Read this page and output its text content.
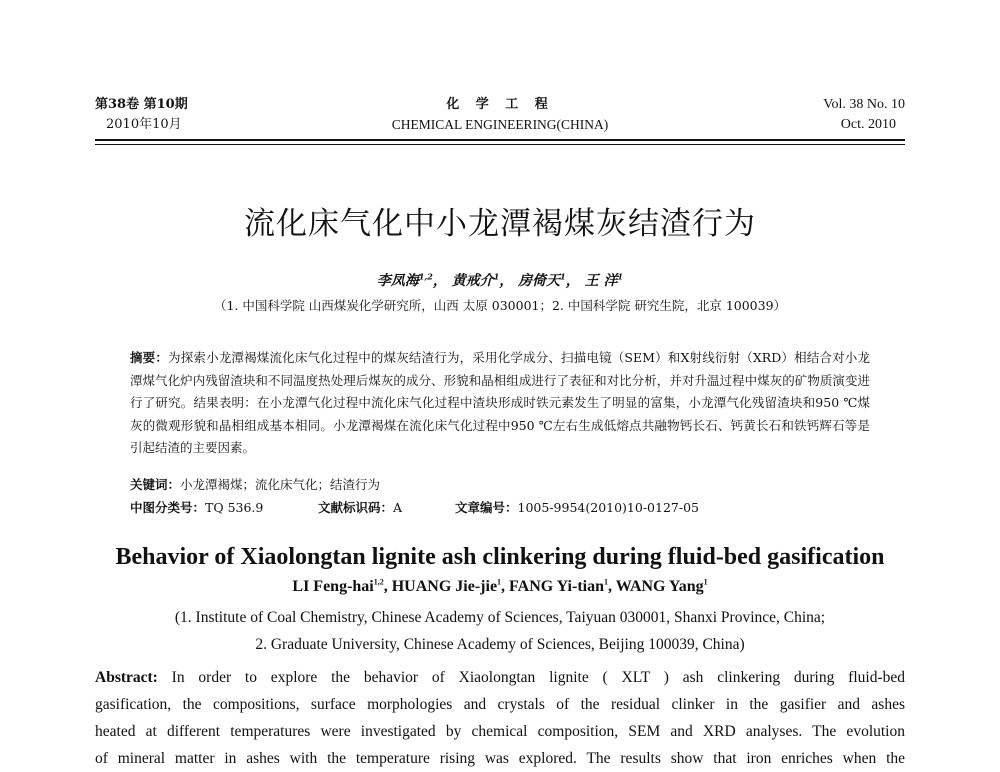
第38卷 第10期
2010年10月
化 学 工 程
CHEMICAL ENGINEERING(CHINA)
Vol. 38 No. 10
Oct. 2010
流化床气化中小龙潭褐煤灰结渣行为
李凤海$^{1,2}$， 黄戒介$^1$， 房倚天$^1$， 王 洋$^1$
（1. 中国科学院 山西煤炭化学研究所，山西 太原 030001；2. 中国科学院 研究生院，北京 100039）
摘要：为探索小龙潭褐煤流化床气化过程中的煤灰结渣行为，采用化学成分、扫描电镜（SEM）和X射线衍射（XRD）相结合对小龙潭煤气化炉内残留渣块和不同温度热处理后煤灰的成分、形貌和晶相组成进行了表征和对比分析，并对升温过程中煤灰的矿物质演变进行了研究。结果表明：在小龙潭气化过程中流化床气化过程中渣块形成时铁元素发生了明显的富集，小龙潭气化残留渣块和950 ℃煤灰的微观形貌和晶相组成基本相同。小龙潭褐煤在流化床气化过程中950 ℃左右生成低熔点共融物钙长石、钙黄长石和铁钙辉石等是引起结渣的主要因素。
关键词：小龙潭褐煤；流化床气化；结渣行为
中图分类号：TQ 536.9	文献标识码：A	文章编号：1005-9954(2010)10-0127-05
Behavior of Xiaolongtan lignite ash clinkering during fluid-bed gasification
LI Feng-hai$^{1,2}$, HUANG Jie-jie$^1$, FANG Yi-tian$^1$, WANG Yang$^1$
(1. Institute of Coal Chemistry, Chinese Academy of Sciences, Taiyuan 030001, Shanxi Province, China;
2. Graduate University, Chinese Academy of Sciences, Beijing 100039, China)
Abstract: In order to explore the behavior of Xiaolongtan lignite ( XLT ) ash clinkering during fluid-bed
gasification, the compositions, surface morphologies and crystals of the residual clinker in the gasifier and ashes
heated at different temperatures were investigated by chemical composition, SEM and XRD analyses. The evolution
of mineral matter in ashes with the temperature rising was explored. The results show that iron enriches when the
